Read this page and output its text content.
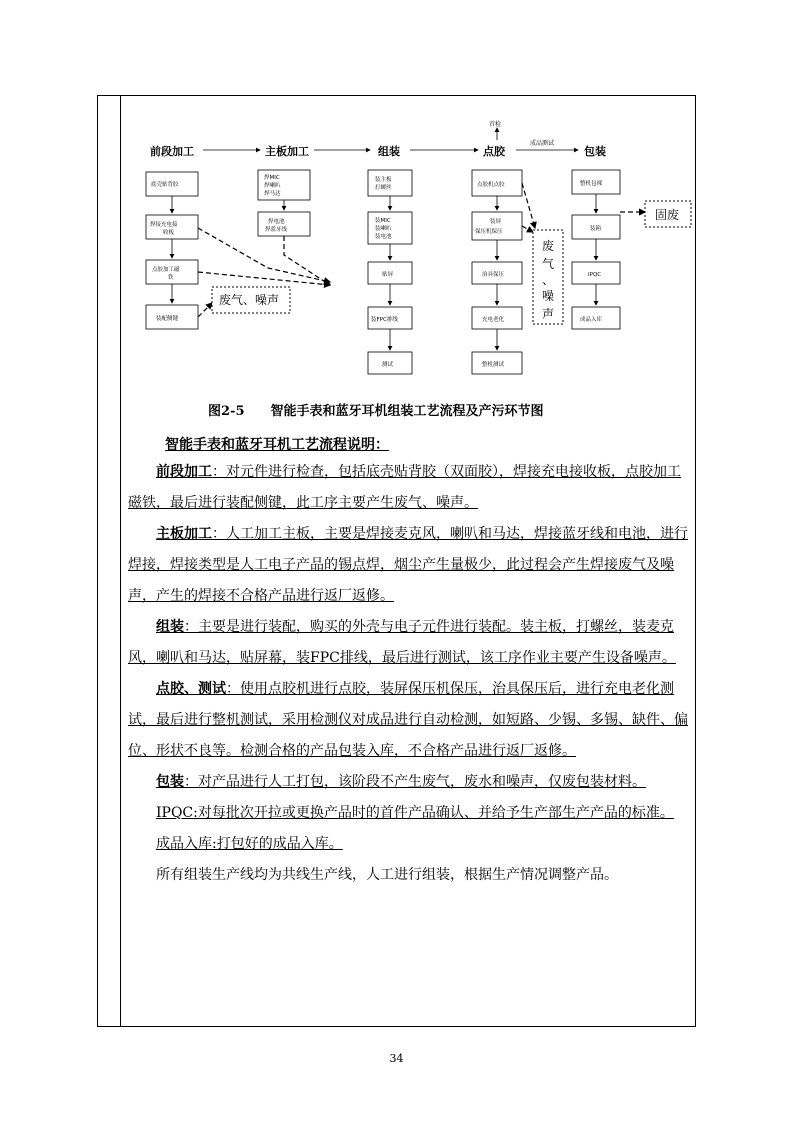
前段加工	主板加工	组装	点胶	包装
首检
成品测试
底壳贴背胶
焊接充电接
收板
点胶加工磁
铁
装配侧键
焊MIC
焊喇叭
焊马达
焊电池
焊蓝牙线
废气、噪声
装主板
打螺丝
装MIC
装喇叭
装电池
贴屏
装FPC排线
测试
点胶机点胶
装屏
保压机保压
治具保压
充电老化
整机测试
废
气
、
噪
声
整机包裸
装箱
IPQC
成品入库
固废
图2-5 智能手表和蓝牙耳机组装工艺流程及产污环节图
智能手表和蓝牙耳机工艺流程说明：

前段加工：对元件进行检查，包括底壳贴背胶（双面胶），焊接充电接收板，点胶加工磁铁，最后进行装配侧键，此工序主要产生废气、噪声。

主板加工：人工加工主板，主要是焊接麦克风，喇叭和马达，焊接蓝牙线和电池，进行焊接，焊接类型是人工电子产品的锡点焊，烟尘产生量极少，此过程会产生焊接废气及噪声，产生的焊接不合格产品进行返厂返修。

组装：主要是进行装配，购买的外壳与电子元件进行装配。装主板，打螺丝，装麦克风，喇叭和马达，贴屏幕，装FPC排线，最后进行测试，该工序作业主要产生设备噪声。

点胶、测试：使用点胶机进行点胶，装屏保压机保压，治具保压后，进行充电老化测试，最后进行整机测试，采用检测仪对成品进行自动检测，如短路、少锡、多锡、缺件、偏位、形状不良等。检测合格的产品包装入库，不合格产品进行返厂返修。

包装：对产品进行人工打包，该阶段不产生废气，废水和噪声，仅废包装材料。

IPQC:对每批次开拉或更换产品时的首件产品确认、并给予生产部生产产品的标准。

成品入库:打包好的成品入库。

所有组装生产线均为共线生产线，人工进行组装，根据生产情况调整产品。

34
